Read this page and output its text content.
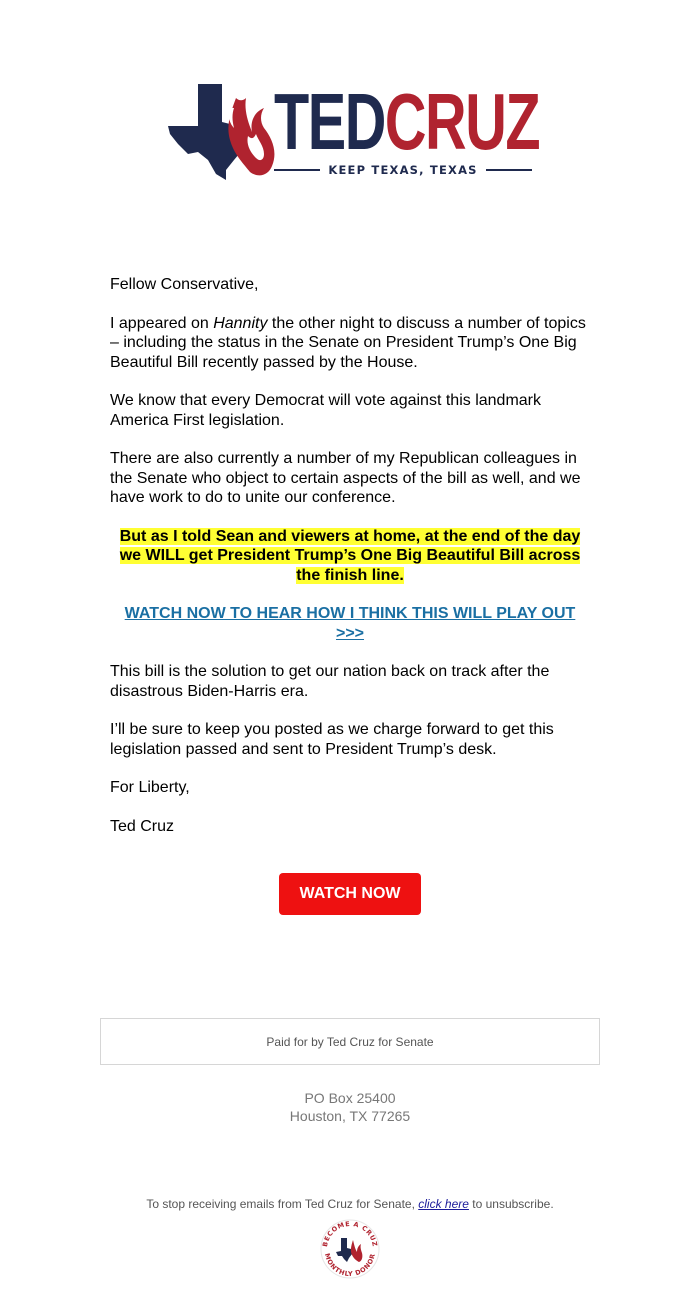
TEDCRUZ
KEEP TEXAS, TEXAS

Fellow Conservative,

I appeared on Hannity the other night to discuss a number of topics – including the status in the Senate on President Trump’s One Big Beautiful Bill recently passed by the House.

We know that every Democrat will vote against this landmark America First legislation.

There are also currently a number of my Republican colleagues in the Senate who object to certain aspects of the bill as well, and we have work to do to unite our conference.

But as I told Sean and viewers at home, at the end of the day we WILL get President Trump’s One Big Beautiful Bill across the finish line.

WATCH NOW TO HEAR HOW I THINK THIS WILL PLAY OUT >>>

This bill is the solution to get our nation back on track after the disastrous Biden-Harris era.

I’ll be sure to keep you posted as we charge forward to get this legislation passed and sent to President Trump’s desk.

For Liberty,

Ted Cruz

WATCH NOW
Paid for by Ted Cruz for Senate
PO Box 25400
Houston, TX 77265
To stop receiving emails from Ted Cruz for Senate, click here to unsubscribe.
BECOME A CRUZ
MONTHLY DONOR
